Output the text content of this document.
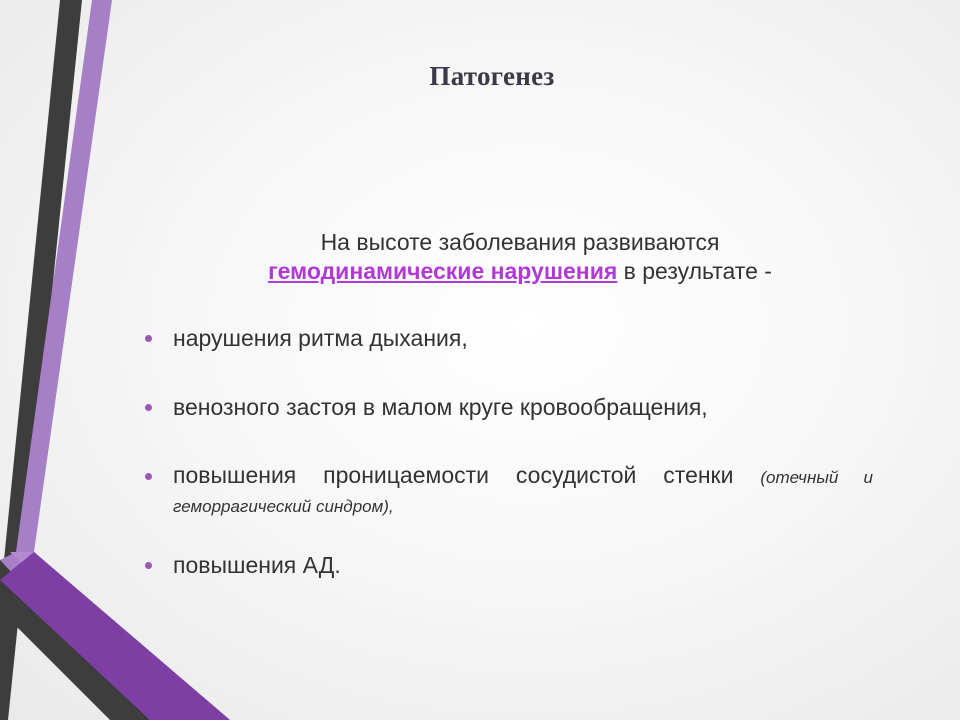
Патогенез
На высоте заболевания развиваются
гемодинамические нарушения в результате -
нарушения ритма дыхания,
венозного застоя в малом круге кровообращения,
повышения проницаемости сосудистой стенки (отечный и геморрагический синдром),
повышения АД.
